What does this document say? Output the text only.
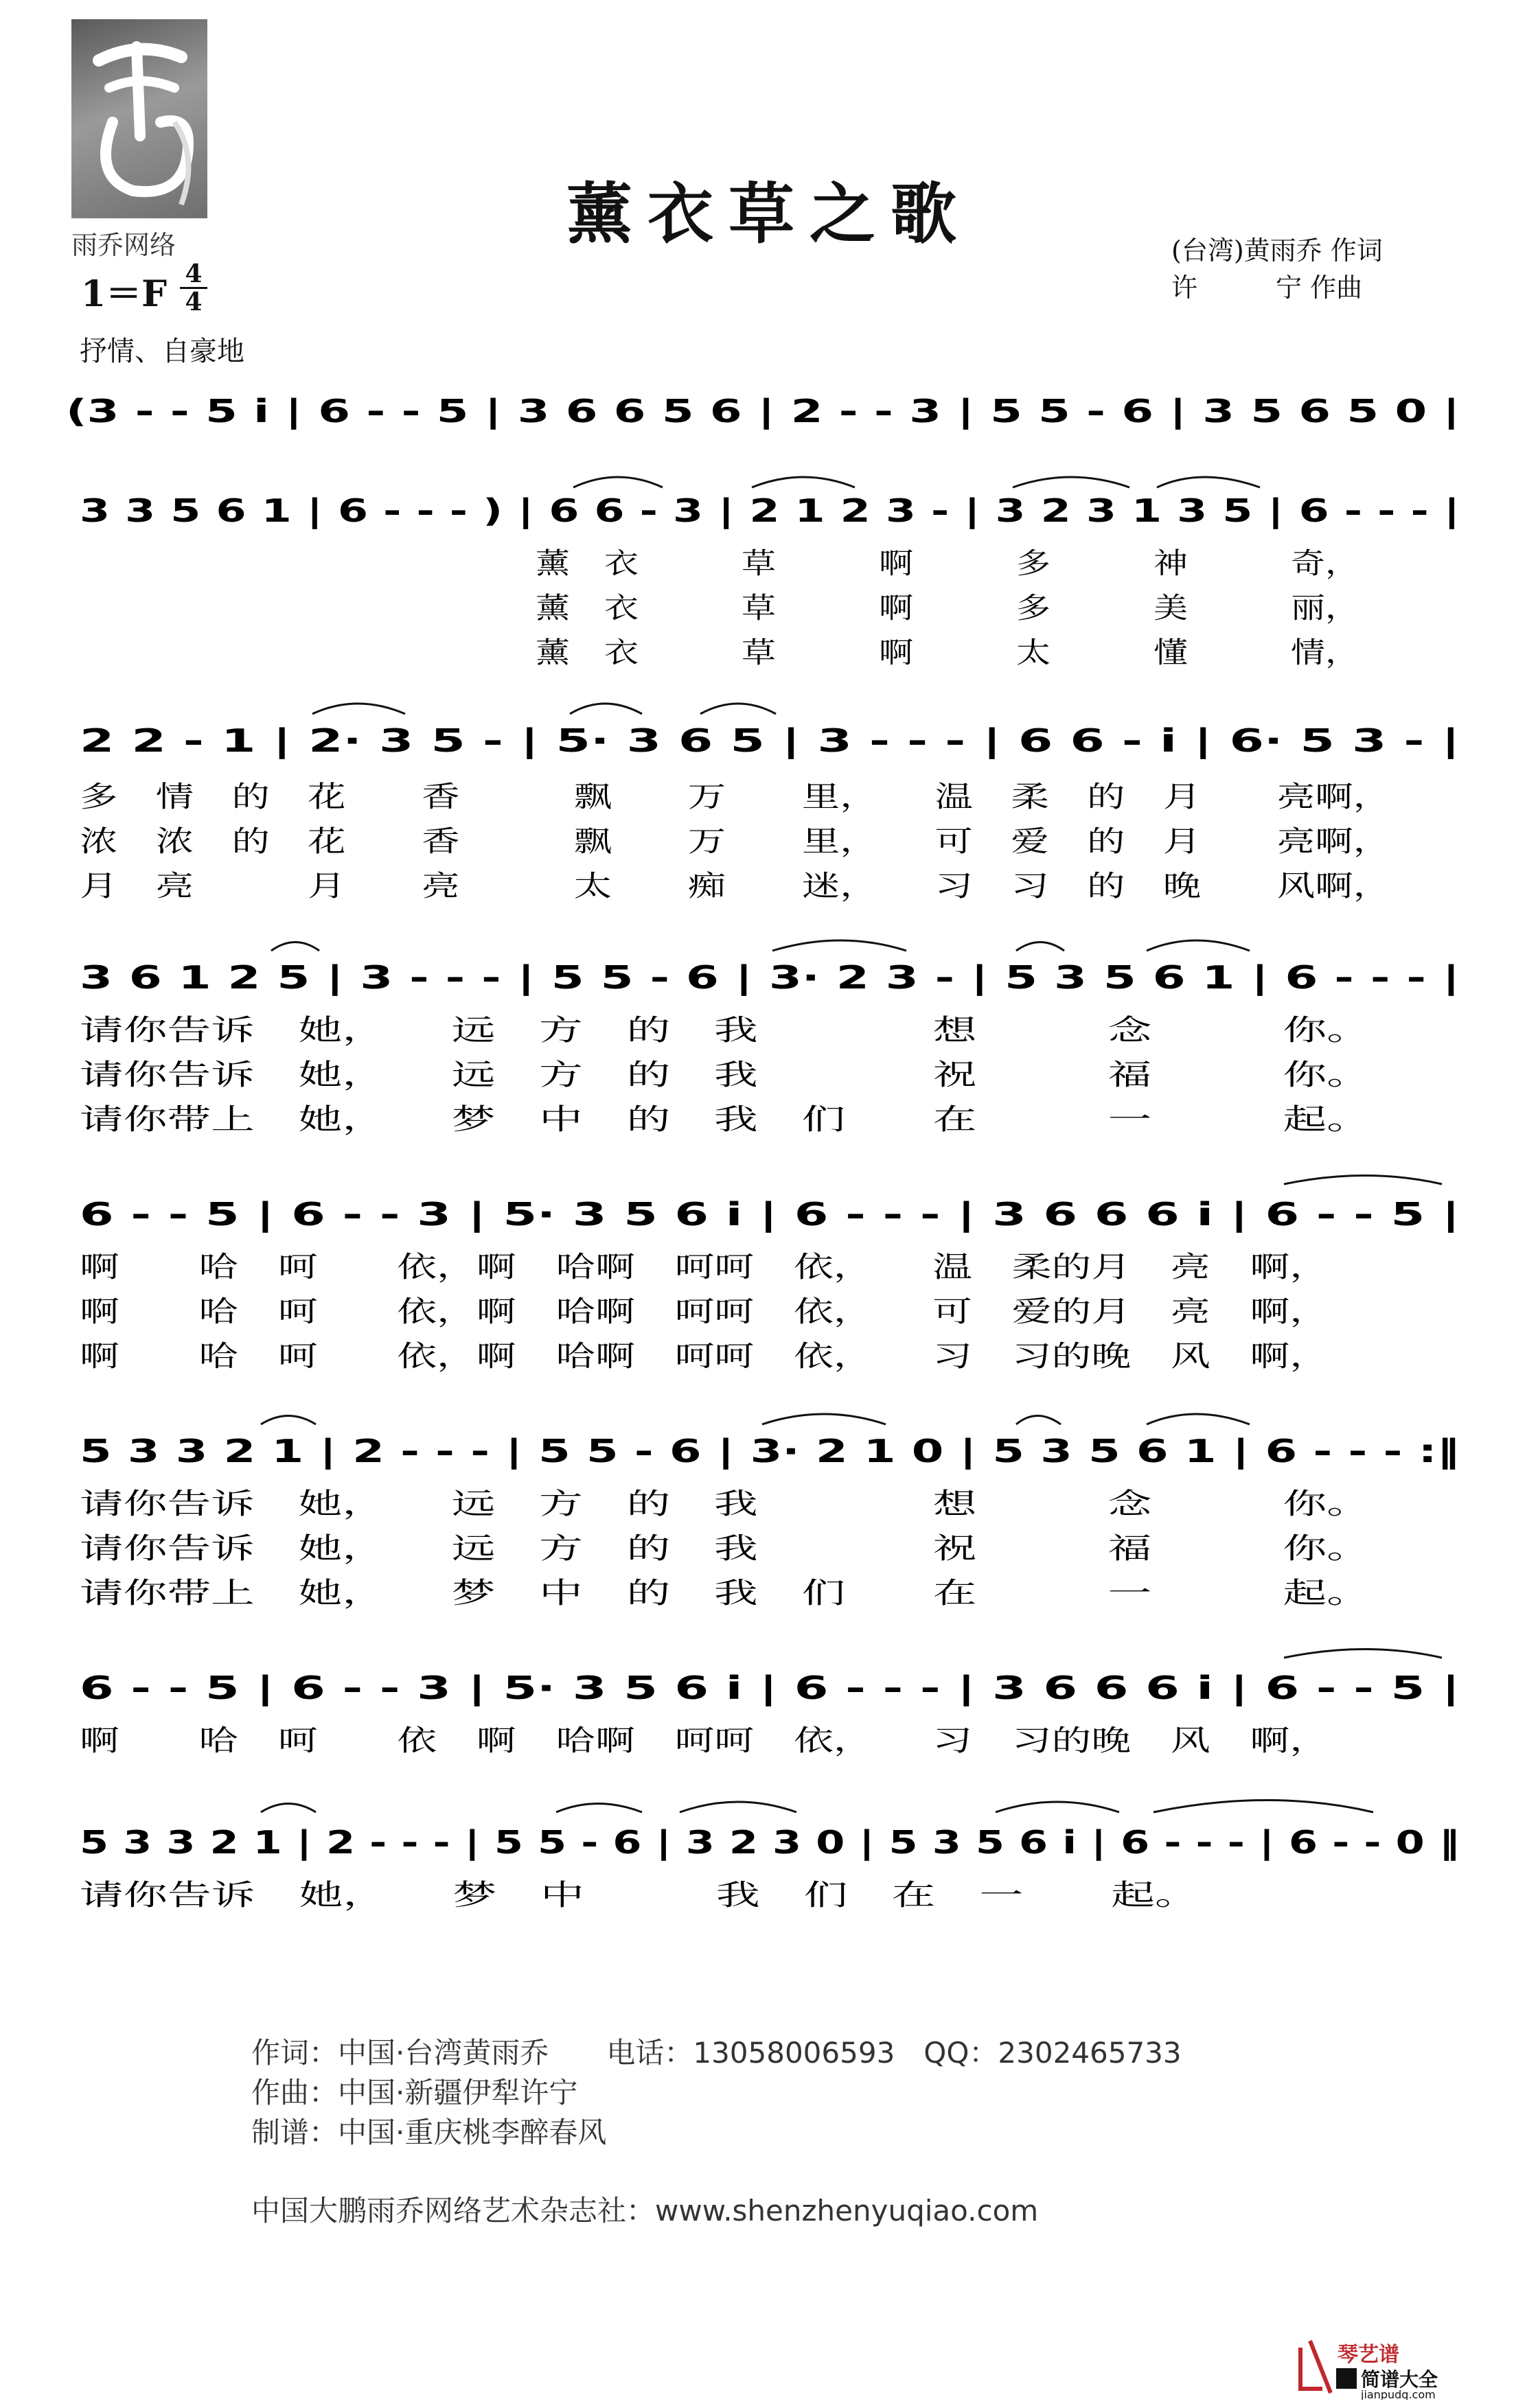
雨乔网络	薰衣草之歌	(台湾)黄雨乔 作词
许　　　宁 作曲
1＝F 4
4
抒情、自豪地
(3 - - 5 i | 6 - - 5 | 3 6 6 5 6 | 2 - - 3 | 5 5 - 6 | 3 5 6 5 0 |
3 3 5 6 1 | 6 - - - ) | 6 6 - 3 | 2 1 2 3 - | 3 2 3 1 3 5 | 6 - - - |
2 2 - 1 | 2· 3 5 - | 5· 3 6 5 | 3 - - - | 6 6 - i | 6· 5 3 - |
3 6 1 2 5 | 3 - - - | 5 5 - 6 | 3· 2 3 - | 5 3 5 6 1 | 6 - - - |
6 - - 5 | 6 - - 3 | 5· 3 5 6 i | 6 - - - | 3 6 6 6 i | 6 - - 5 |
5 3 3 2 1 | 2 - - - | 5 5 - 6 | 3· 2 1 0 | 5 3 5 6 1 | 6 - - - :‖
6 - - 5 | 6 - - 3 | 5· 3 5 6 i | 6 - - - | 3 6 6 6 i | 6 - - 5 |
5 3 3 2 1 | 2 - - - | 5 5 - 6 | 3 2 3 0 | 5 3 5 6 i | 6 - - - | 6 - - 0 ‖
薰　衣　　　草　　　啊　　　多　　　神　　　奇，
薰　衣　　　草　　　啊　　　多　　　美　　　丽，
薰　衣　　　草　　　啊　　　太　　　懂　　　情，
多　情　的　花　　香　　　飘　　万　　里，　　温　柔　的　月　　亮啊，
浓　浓　的　花　　香　　　飘　　万　　里，　　可　爱　的　月　　亮啊，
月　亮　　　月　　亮　　　太　　痴　　迷，　　习　习　的　晚　　风啊，
请你告诉　她，　　远　方　的　我　　　　想　　　念　　　你。
请你告诉　她，　　远　方　的　我　　　　祝　　　福　　　你。
请你带上　她，　　梦　中　的　我　们　　在　　　一　　　起。
啊　　哈　呵　　依，啊　哈啊　呵呵　依，　　温　柔的月　亮　啊，
啊　　哈　呵　　依，啊　哈啊　呵呵　依，　　可　爱的月　亮　啊，
啊　　哈　呵　　依，啊　哈啊　呵呵　依，　　习　习的晚　风　啊，
请你告诉　她，　　远　方　的　我　　　　想　　　念　　　你。
请你告诉　她，　　远　方　的　我　　　　祝　　　福　　　你。
请你带上　她，　　梦　中　的　我　们　　在　　　一　　　起。
啊　　哈　呵　　依　啊　哈啊　呵呵　依，　　习　习的晚　风　啊，
请你告诉　她，　　梦　中　　　我　们　在　一　　起。
作词：中国·台湾黄雨乔　　电话：13058006593　QQ：2302465733
作曲：中国·新疆伊犁许宁
制谱：中国·重庆桃李醉春风
中国大鹏雨乔网络艺术杂志社：www.shenzhenyuqiao.com
琴艺谱
简谱大全
jianpudq.com
